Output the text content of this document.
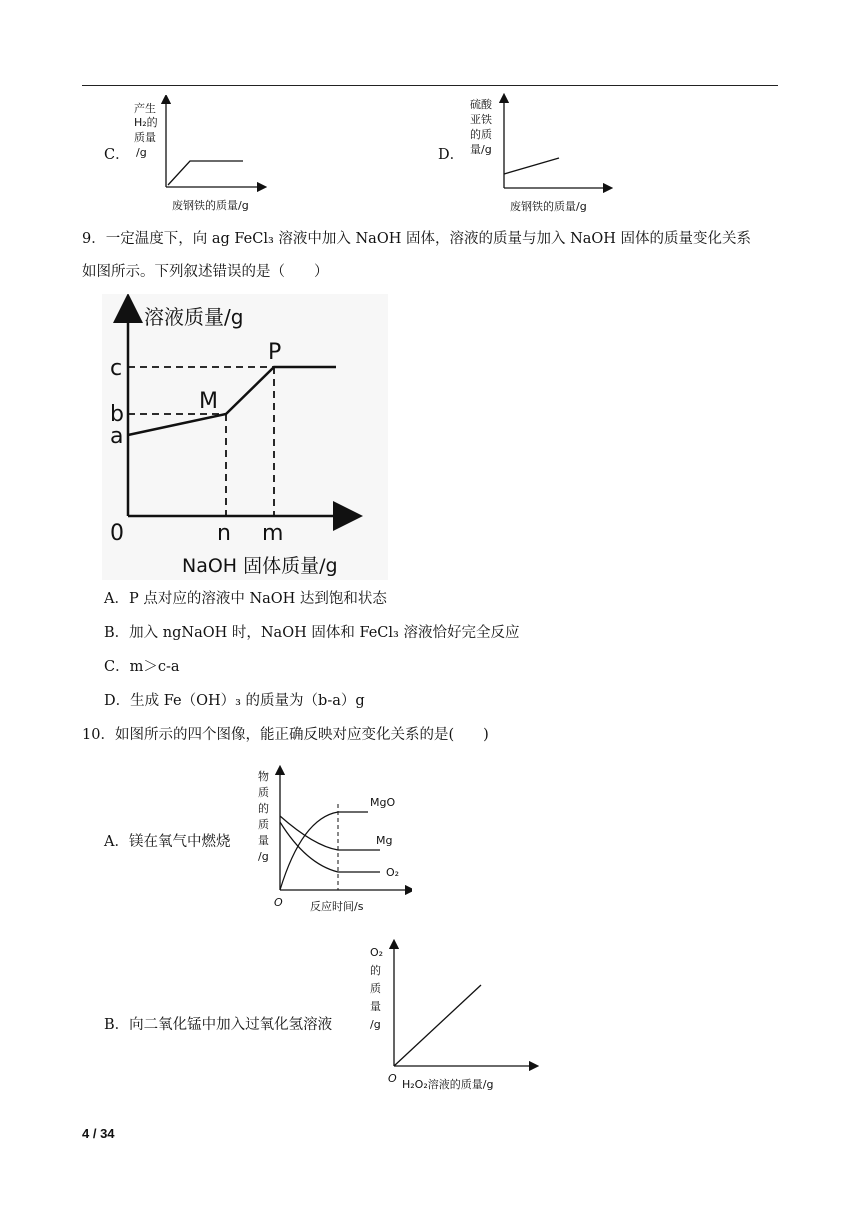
C．
产生
H₂的
质量
/g
废钢铁的质量/g
D．
硫酸
亚铁
的质
量/g
废钢铁的质量/g
9．一定温度下，向 ag FeCl₃ 溶液中加入 NaOH 固体，溶液的质量与加入 NaOH 固体的质量变化关系
如图所示。下列叙述错误的是（　　）
溶液质量/g
c
b
a
0	n m
M
P
NaOH 固体质量/g
A．P 点对应的溶液中 NaOH 达到饱和状态
B．加入 ngNaOH 时，NaOH 固体和 FeCl₃ 溶液恰好完全反应
C．m＞c-a
D．生成 Fe（OH）₃ 的质量为（b-a）g
10．如图所示的四个图像，能正确反映对应变化关系的是(　　)
A．镁在氧气中燃烧
物
质
的
质
量
/g
O
MgO
Mg
O₂
反应时间/s
B．向二氧化锰中加入过氧化氢溶液
O₂
的
质
量
/g
O H₂O₂溶液的质量/g
4 / 34
